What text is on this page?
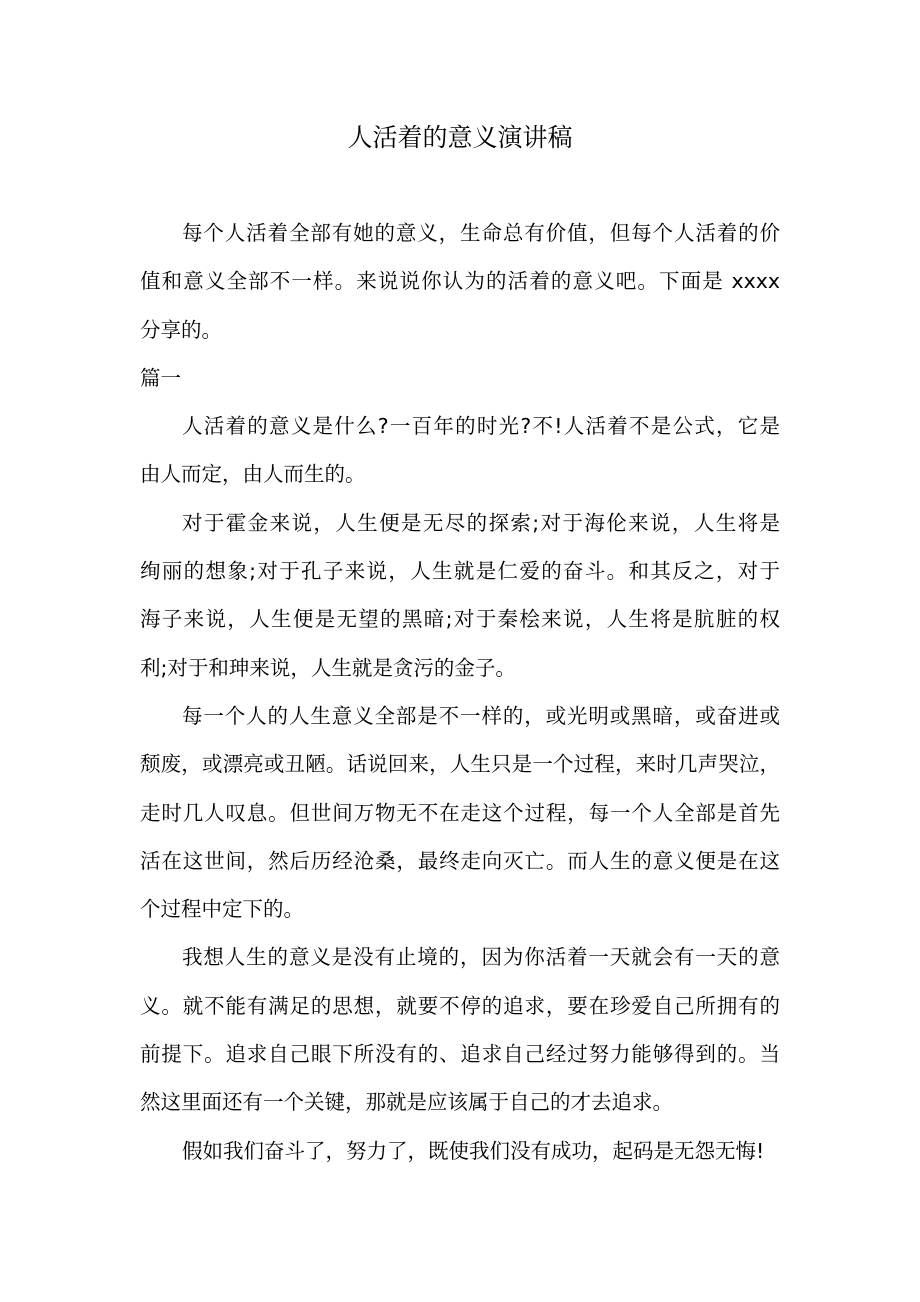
人活着的意义演讲稿
每个人活着全部有她的意义，生命总有价值，但每个人活着的价
值和意义全部不一样。来说说你认为的活着的意义吧。下面是 xxxx
分享的。
篇一
人活着的意义是什么?一百年的时光?不!人活着不是公式，它是
由人而定，由人而生的。
对于霍金来说，人生便是无尽的探索;对于海伦来说，人生将是
绚丽的想象;对于孔子来说，人生就是仁爱的奋斗。和其反之，对于
海子来说，人生便是无望的黑暗;对于秦桧来说，人生将是肮脏的权
利;对于和珅来说，人生就是贪污的金子。
每一个人的人生意义全部是不一样的，或光明或黑暗，或奋进或
颓废，或漂亮或丑陋。话说回来，人生只是一个过程，来时几声哭泣，
走时几人叹息。但世间万物无不在走这个过程，每一个人全部是首先
活在这世间，然后历经沧桑，最终走向灭亡。而人生的意义便是在这
个过程中定下的。
我想人生的意义是没有止境的，因为你活着一天就会有一天的意
义。就不能有满足的思想，就要不停的追求，要在珍爱自己所拥有的
前提下。追求自己眼下所没有的、追求自己经过努力能够得到的。当
然这里面还有一个关键，那就是应该属于自己的才去追求。
假如我们奋斗了，努力了，既使我们没有成功，起码是无怨无悔!
